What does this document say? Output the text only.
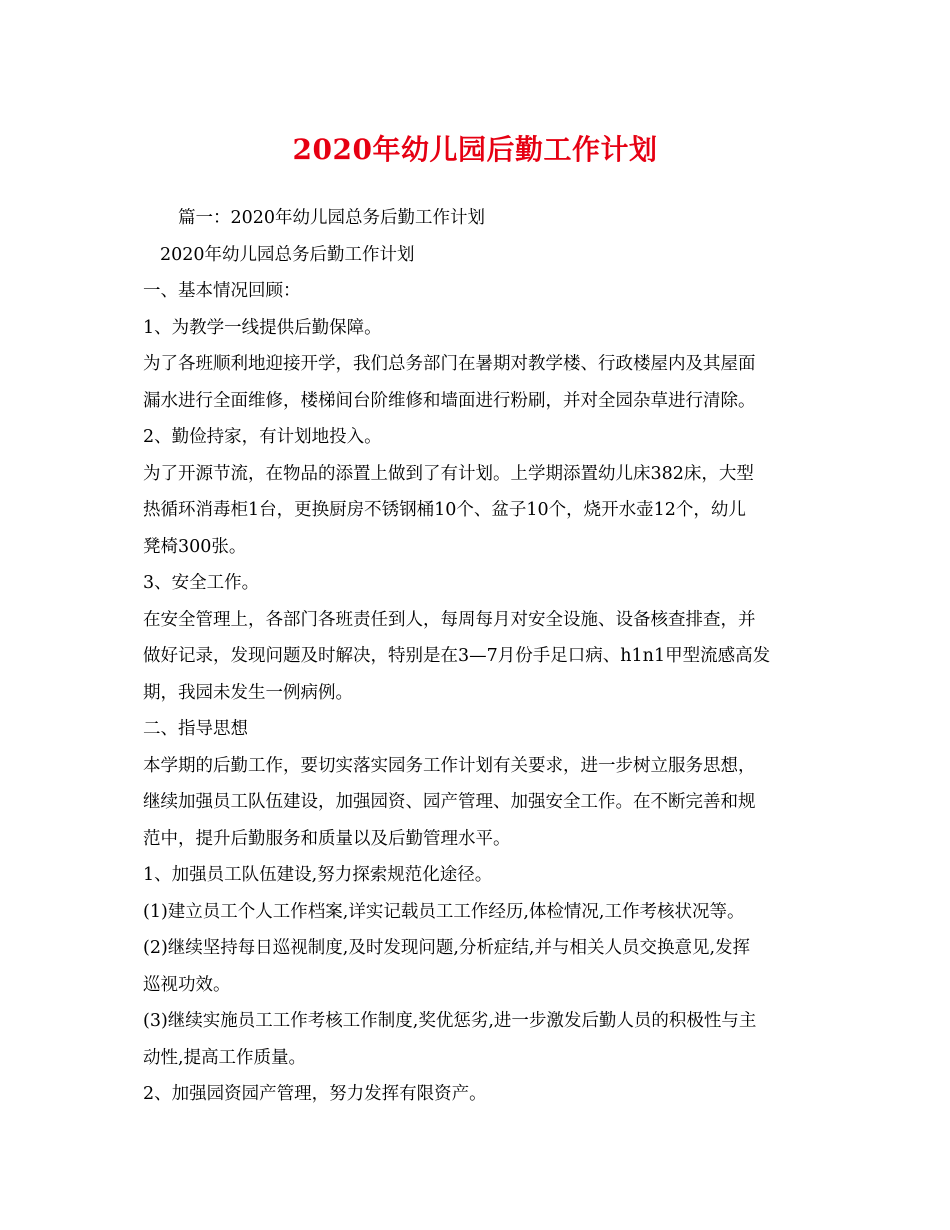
2020年幼儿园后勤工作计划

篇一：2020年幼儿园总务后勤工作计划

2020年幼儿园总务后勤工作计划

一、基本情况回顾：

1、为教学一线提供后勤保障。

为了各班顺利地迎接开学，我们总务部门在暑期对教学楼、行政楼屋内及其屋面

漏水进行全面维修，楼梯间台阶维修和墙面进行粉刷，并对全园杂草进行清除。

2、勤俭持家，有计划地投入。

为了开源节流，在物品的添置上做到了有计划。上学期添置幼儿床382床，大型

热循环消毒柜1台，更换厨房不锈钢桶10个、盆子10个，烧开水壶12个，幼儿

凳椅300张。

3、安全工作。

在安全管理上，各部门各班责任到人，每周每月对安全设施、设备核查排查，并

做好记录，发现问题及时解决，特别是在3—7月份手足口病、h1n1甲型流感高发

期，我园未发生一例病例。

二、指导思想

本学期的后勤工作，要切实落实园务工作计划有关要求，进一步树立服务思想，

继续加强员工队伍建设，加强园资、园产管理、加强安全工作。在不断完善和规

范中，提升后勤服务和质量以及后勤管理水平。

1、加强员工队伍建设,努力探索规范化途径。

(1)建立员工个人工作档案,详实记载员工工作经历,体检情况,工作考核状况等。

(2)继续坚持每日巡视制度,及时发现问题,分析症结,并与相关人员交换意见,发挥

巡视功效。

(3)继续实施员工工作考核工作制度,奖优惩劣,进一步激发后勤人员的积极性与主

动性,提高工作质量。

2、加强园资园产管理，努力发挥有限资产。
